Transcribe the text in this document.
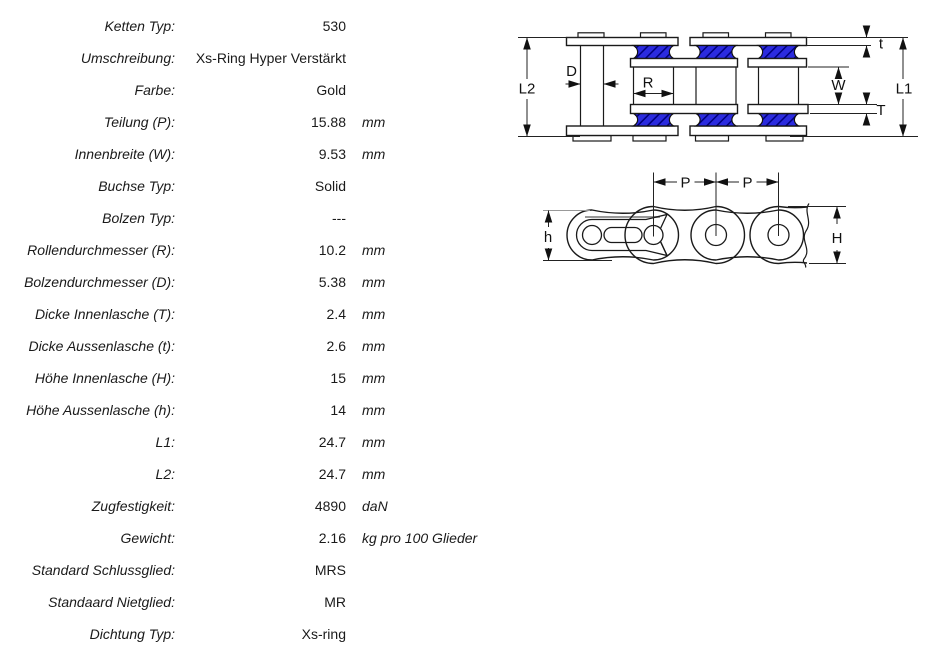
Ketten Typ:	530
Umschreibung:	Xs-Ring Hyper Verstärkt
Farbe:	Gold
Teilung (P):	15.88 mm
Innenbreite (W):	9.53 mm
Buchse Typ:	Solid
Bolzen Typ:	---
Rollendurchmesser (R):	10.2 mm
Bolzendurchmesser (D):	5.38 mm
Dicke Innenlasche (T):	2.4 mm
Dicke Aussenlasche (t):	2.6 mm
Höhe Innenlasche (H):	15 mm
Höhe Aussenlasche (h):	14 mm
L1:	24.7 mm
L2:	24.7 mm
Zugfestigkeit:	4890 daN
Gewicht:	2.16 kg pro 100 Glieder
Standard Schlussglied:	MRS
Standaard Nietglied:	MR
Dichtung Typ:	Xs-ring
L2
D
R
t
W
T
L1
P	P
h	H
